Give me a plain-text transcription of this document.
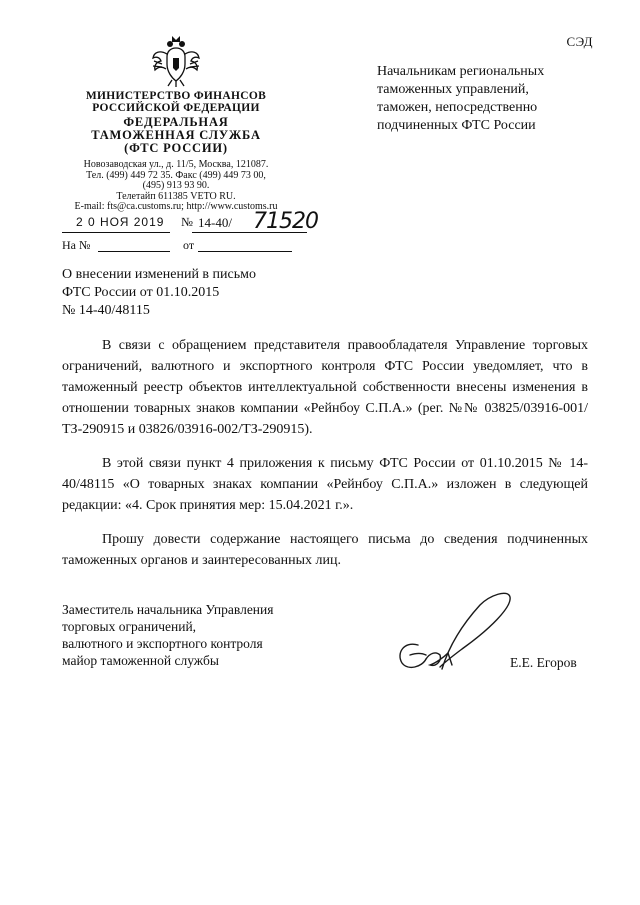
СЭД
МИНИСТЕРСТВО ФИНАНСОВ
РОССИЙСКОЙ ФЕДЕРАЦИИ
ФЕДЕРАЛЬНАЯ
ТАМОЖЕННАЯ СЛУЖБА
(ФТС РОССИИ)
Новозаводская ул., д. 11/5, Москва, 121087.
Тел. (499) 449 72 35. Факс (499) 449 73 00,
(495) 913 93 90.
Телетайп 611385 VETO RU.
E-mail: fts@ca.customs.ru; http://www.customs.ru
2 0 НОЯ 2019	№ 14-40/ 71520
На №	от
Начальникам региональных
таможенных управлений,
таможен, непосредственно
подчиненных ФТС России
О внесении изменений в письмо
ФТС России от 01.10.2015
№ 14-40/48115

В связи с обращением представителя правообладателя Управление торговых ограничений, валютного и экспортного контроля ФТС России уведомляет, что в таможенный реестр объектов интеллектуальной собственности внесены изменения в отношении товарных знаков компании «Рейнбоу С.П.А.» (рег. №№ 03825/03916-001/ТЗ-290915 и 03826/03916-002/ТЗ-290915).

В этой связи пункт 4 приложения к письму ФТС России от 01.10.2015 № 14-40/48115 «О товарных знаках компании «Рейнбоу С.П.А.» изложен в следующей редакции: «4. Срок принятия мер: 15.04.2021 г.».

Прошу довести содержание настоящего письма до сведения подчиненных таможенных органов и заинтересованных лиц.

Заместитель начальника Управления
торговых ограничений,
валютного и экспортного контроля
майор таможенной службы	Е.Е. Егоров
